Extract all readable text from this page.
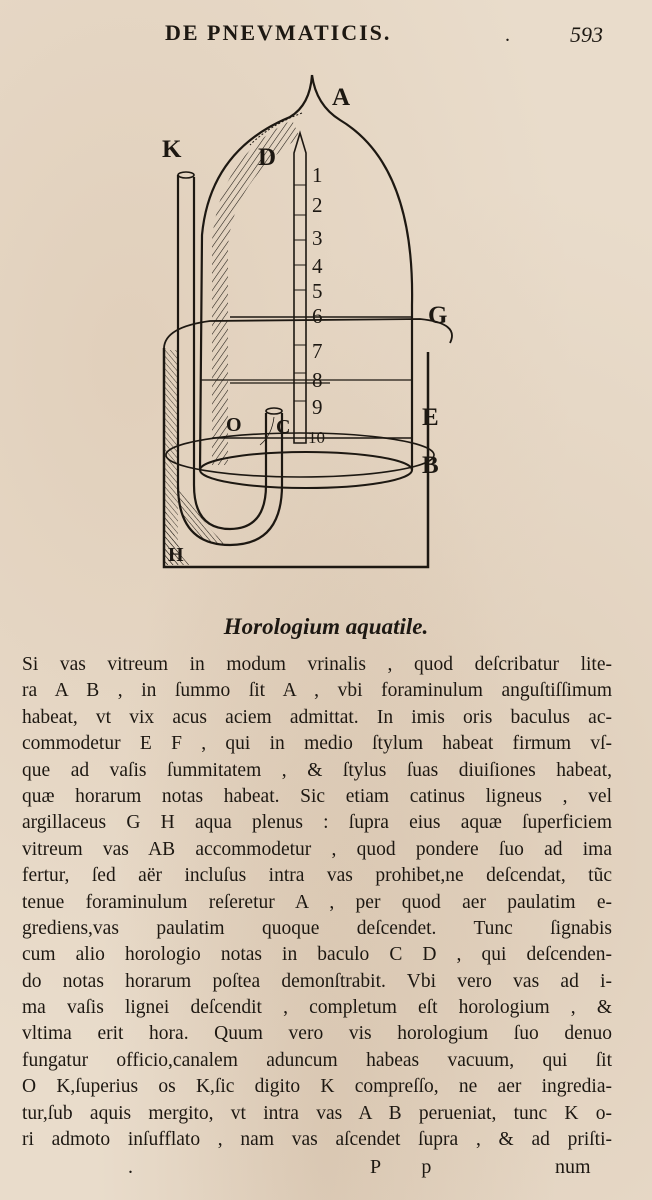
DE PNEVMATICIS.	.	593
A
K	D
G
E
B
O C
H
1
2
3
4
5
6
7
8
9
10
Horologium aquatile.
Si vas vitreum in modum vrinalis , quod deſcribatur lite-
ra A B , in ſummo ſit A , vbi foraminulum anguſtiſſimum
habeat, vt vix acus aciem admittat. In imis oris baculus ac-
commodetur E F , qui in medio ſtylum habeat firmum vſ-
que ad vaſis ſummitatem , & ſtylus ſuas diuiſiones habeat,
quæ horarum notas habeat. Sic etiam catinus ligneus , vel
argillaceus G H aqua plenus : ſupra eius aquæ ſuperficiem
vitreum vas AB accommodetur , quod pondere ſuo ad ima
fertur, ſed aër incluſus intra vas prohibet,ne deſcendat, tũc
tenue foraminulum reſeretur A , per quod aer paulatim e-
grediens,vas paulatim quoque deſcendet. Tunc ſignabis
cum alio horologio notas in baculo C D , qui deſcenden-
do notas horarum poſtea demonſtrabit. Vbi vero vas ad i-
ma vaſis lignei deſcendit , completum eſt horologium , &
vltima erit hora. Quum vero vis horologium ſuo denuo
fungatur officio,canalem aduncum habeas vacuum, qui ſit
O K,ſuperius os K,ſic digito K compreſſo, ne aer ingredia-
tur,ſub aquis mergito, vt intra vas A B perueniat, tunc K o-
ri admoto inſufflato , nam vas aſcendet ſupra , & ad priſti-
.	P p	num
